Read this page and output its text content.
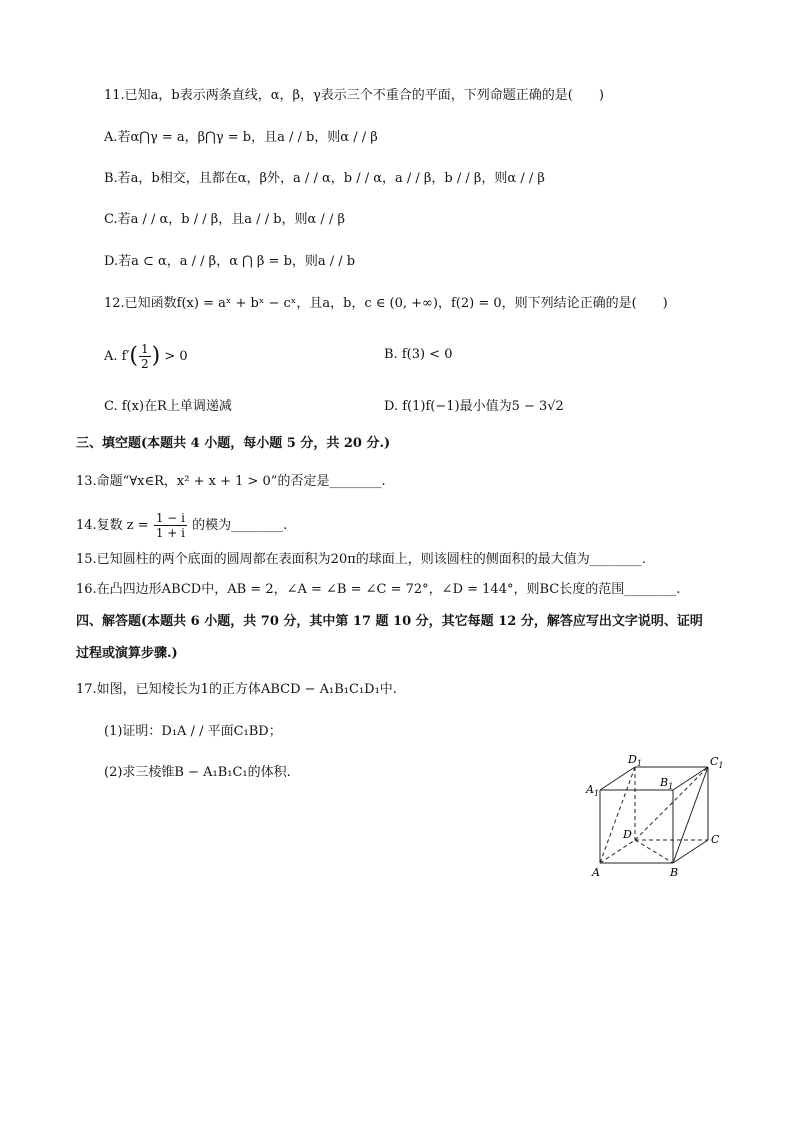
11.已知a，b表示两条直线，α，β，γ表示三个不重合的平面，下列命题正确的是(　　)
A.若α⋂γ = a，β⋂γ = b，且a / / b，则α / / β
B.若a，b相交，且都在α，β外，a / / α，b / / α，a / / β，b / / β，则α / / β
C.若a / / α，b / / β，且a / / b，则α / / β
D.若a ⊂ α，a / / β，α ⋂ β = b，则a / / b
12.已知函数f(x) = aˣ + bˣ − cˣ，且a，b，c ∈ (0, +∞)，f(2) = 0，则下列结论正确的是(　　)
A. $f'( \frac{1}{2}$ ) > 0	B. f(3) < 0
C. f(x)在R上单调递减	D. f(1)f(−1)最小值为5 − 3√2
三、填空题(本题共 4 小题，每小题 5 分，共 20 分.)
13.命题“∀x∈R，x² + x + 1 > 0”的否定是________.
14.复数 $z = \frac{1 - i}{1 + i}$ 的模为________.
15.已知圆柱的两个底面的圆周都在表面积为20π的球面上，则该圆柱的侧面积的最大值为________.
16.在凸四边形ABCD中，AB = 2，∠A = ∠B = ∠C = 72°，∠D = 144°，则BC长度的范围________.
四、解答题(本题共 6 小题，共 70 分，其中第 17 题 10 分，其它每题 12 分，解答应写出文字说明、证明
过程或演算步骤.)
17.如图，已知棱长为1的正方体ABCD − A₁B₁C₁D₁中.
(1)证明：D₁A / / 平面C₁BD；
(2)求三棱锥B − A₁B₁C₁的体积.
$D_1$	$C_1$
$B_1$
$A_1$
D	C
A	B
